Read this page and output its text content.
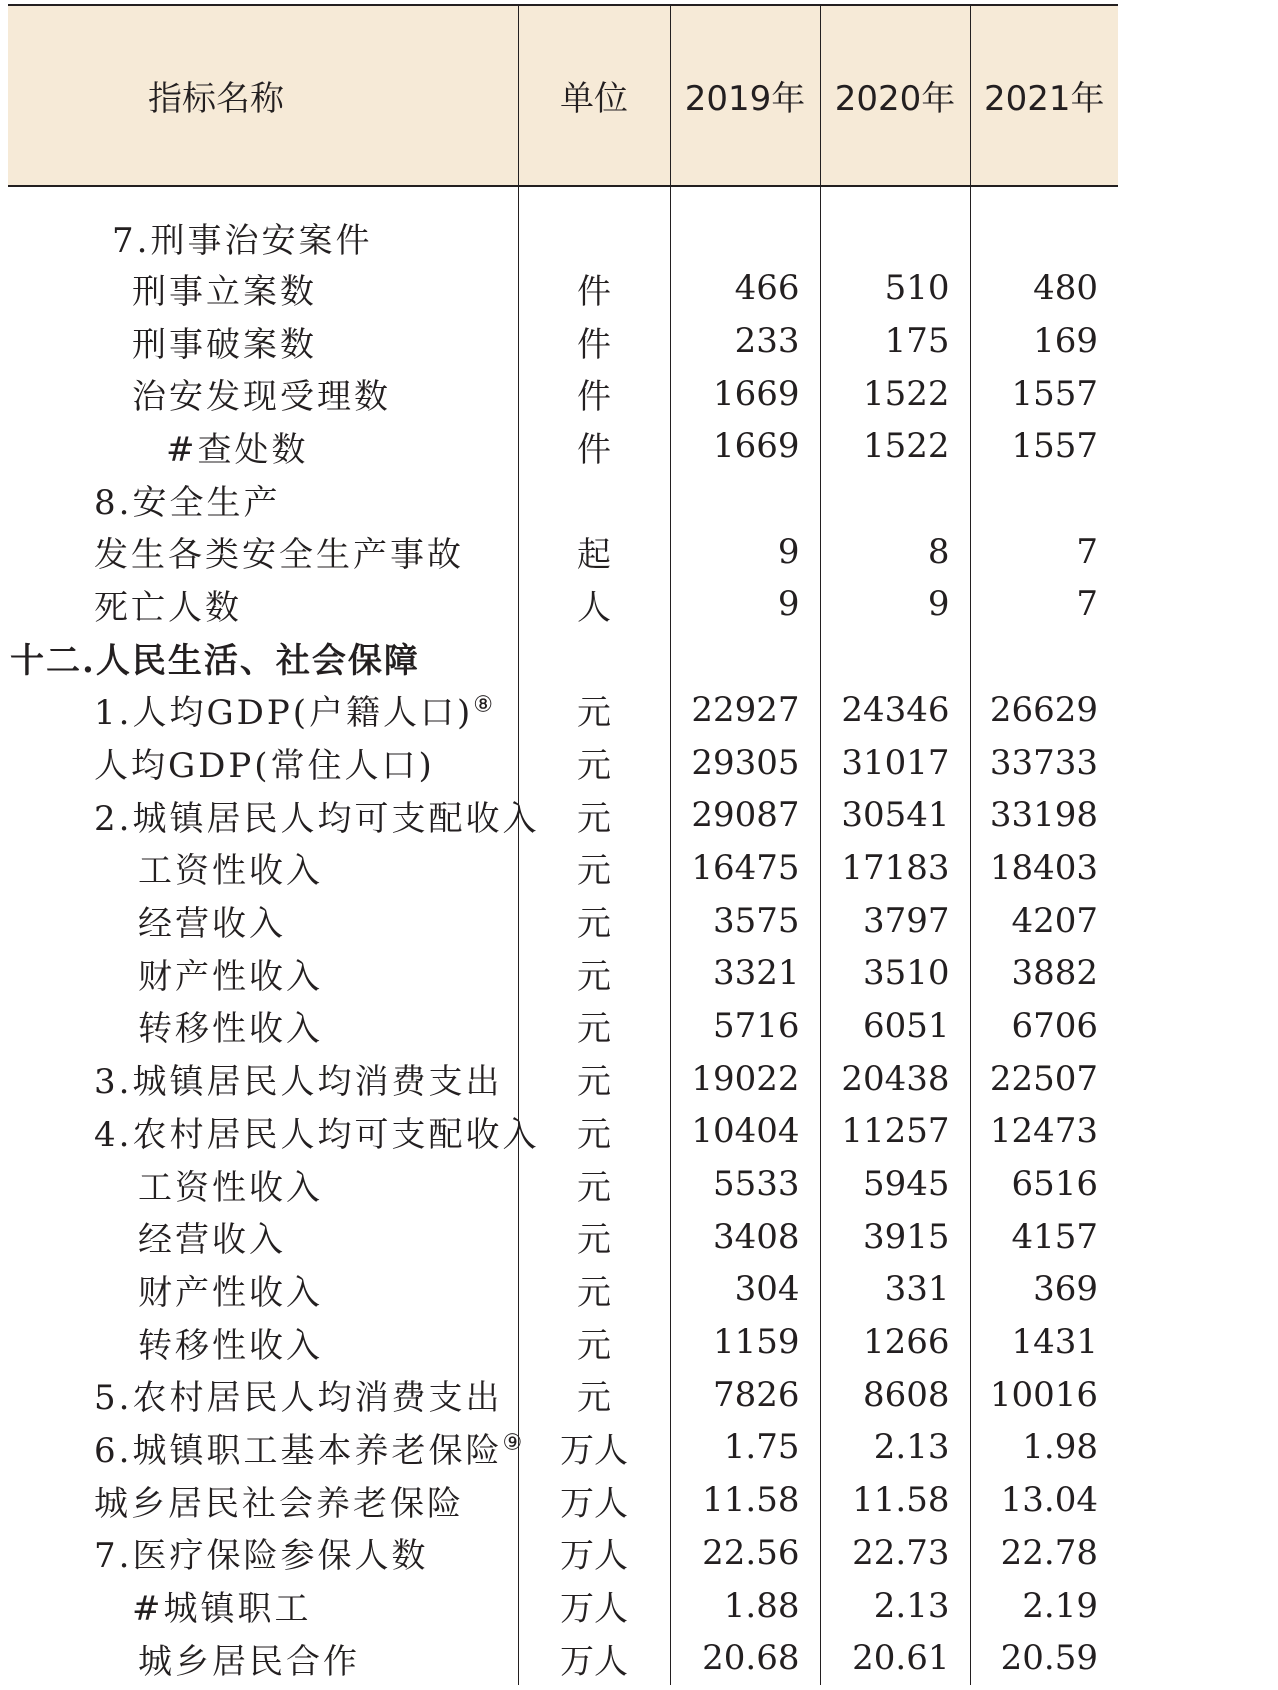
指标名称	单位	2019年	2020年	2021年
7.刑事治安案件				
刑事立案数	件	466	510	480
刑事破案数	件	233	175	169
治安发现受理数	件	1669	1522	1557
#查处数	件	1669	1522	1557
8.安全生产				
发生各类安全生产事故	起	9	8	7
死亡人数	人	9	9	7
十二.人民生活、社会保障				
1.人均GDP(户籍人口)⑧	元	22927	24346	26629
人均GDP(常住人口)	元	29305	31017	33733
2.城镇居民人均可支配收入	元	29087	30541	33198
工资性收入	元	16475	17183	18403
经营收入	元	3575	3797	4207
财产性收入	元	3321	3510	3882
转移性收入	元	5716	6051	6706
3.城镇居民人均消费支出	元	19022	20438	22507
4.农村居民人均可支配收入	元	10404	11257	12473
工资性收入	元	5533	5945	6516
经营收入	元	3408	3915	4157
财产性收入	元	304	331	369
转移性收入	元	1159	1266	1431
5.农村居民人均消费支出	元	7826	8608	10016
6.城镇职工基本养老保险⑨	万人	1.75	2.13	1.98
城乡居民社会养老保险	万人	11.58	11.58	13.04
7.医疗保险参保人数	万人	22.56	22.73	22.78
#城镇职工	万人	1.88	2.13	2.19
城乡居民合作	万人	20.68	20.61	20.59
